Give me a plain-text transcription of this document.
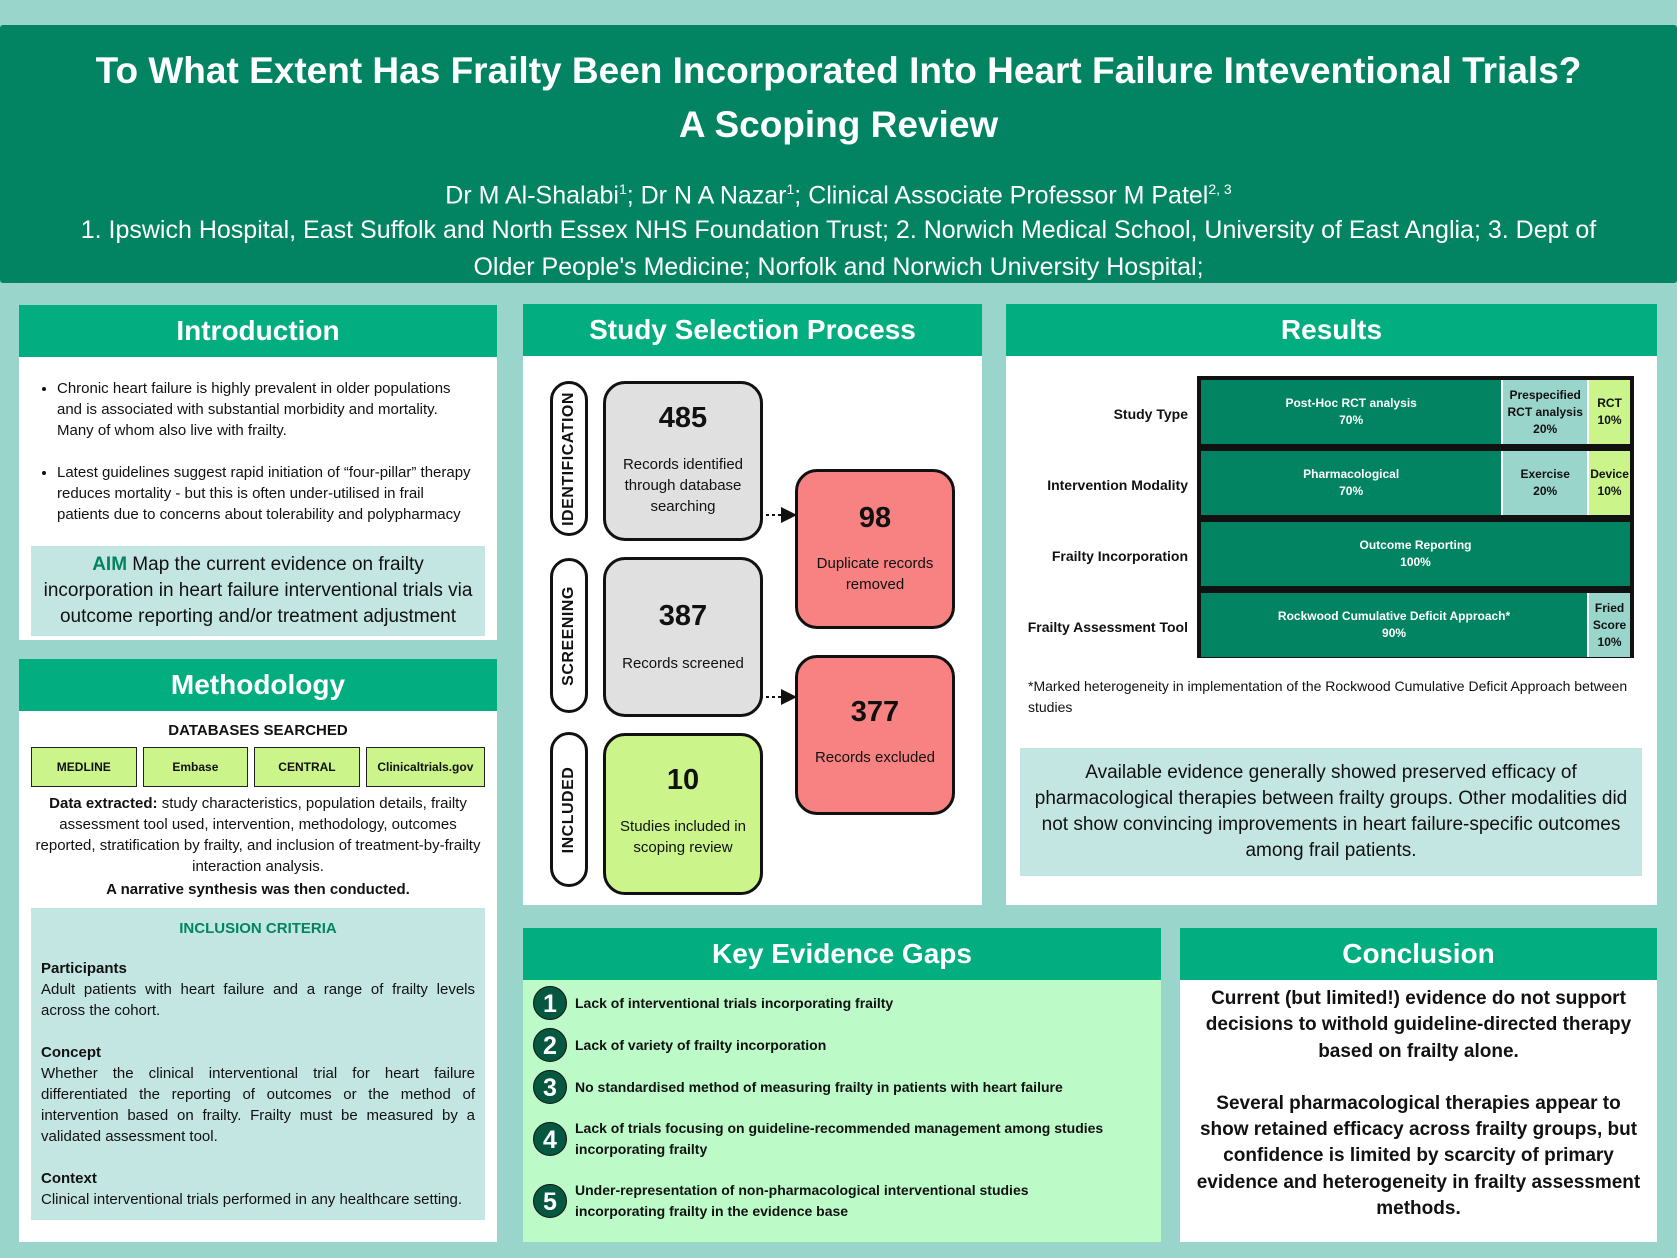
To What Extent Has Frailty Been Incorporated Into Heart Failure Inteventional Trials?
A Scoping Review
Dr M Al-Shalabi$^1$; Dr N A Nazar$^1$; Clinical Associate Professor M Patel$^{2, 3}$
1. Ipswich Hospital, East Suffolk and North Essex NHS Foundation Trust; 2. Norwich Medical School, University of East Anglia; 3. Dept of Older People's Medicine; Norfolk and Norwich University Hospital;
Introduction
• Chronic heart failure is highly prevalent in older populations and is associated with substantial morbidity and mortality. Many of whom also live with frailty.
• Latest guidelines suggest rapid initiation of “four-pillar” therapy reduces mortality - but this is often under-utilised in frail patients due to concerns about tolerability and polypharmacy
AIM Map the current evidence on frailty incorporation in heart failure interventional trials via outcome reporting and/or treatment adjustment
Methodology
DATABASES SEARCHED
MEDLINE	Embase	CENTRAL	Clinicaltrials.gov
Data extracted: study characteristics, population details, frailty assessment tool used, intervention, methodology, outcomes reported, stratification by frailty, and inclusion of treatment-by-frailty interaction analysis.
A narrative synthesis was then conducted.
INCLUSION CRITERIA
Participants
Adult patients with heart failure and a range of frailty levels across the cohort.
Concept
Whether the clinical interventional trial for heart failure differentiated the reporting of outcomes or the method of intervention based on frailty. Frailty must be measured by a validated assessment tool.
Context
Clinical interventional trials performed in any healthcare setting.
Study Selection Process
IDENTIFICATION
SCREENING
INCLUDED
485
Records identified through database searching
387
Records screened
10
Studies included in scoping review
98
Duplicate records removed
377
Records excluded
Results
Study Type
Intervention Modality
Frailty Incorporation
Frailty Assessment Tool
Post-Hoc RCT analysis
70%
Prespecified RCT analysis
20%
RCT
10%
Pharmacological
70%
Exercise
20%
Device
10%
Outcome Reporting
100%
Rockwood Cumulative Deficit Approach*
90%
Fried Score
10%
*Marked heterogeneity in implementation of the Rockwood Cumulative Deficit Approach between studies
Available evidence generally showed preserved efficacy of pharmacological therapies between frailty groups. Other modalities did not show convincing improvements in heart failure-specific outcomes among frail patients.
Key Evidence Gaps
1	Lack of interventional trials incorporating frailty
2	Lack of variety of frailty incorporation
3	No standardised method of measuring frailty in patients with heart failure
4	Lack of trials focusing on guideline-recommended management among studies incorporating frailty
5	Under-representation of non-pharmacological interventional studies incorporating frailty in the evidence base
Conclusion
Current (but limited!) evidence do not support decisions to withold guideline-directed therapy based on frailty alone.
Several pharmacological therapies appear to show retained efficacy across frailty groups, but confidence is limited by scarcity of primary evidence and heterogeneity in frailty assessment methods.
